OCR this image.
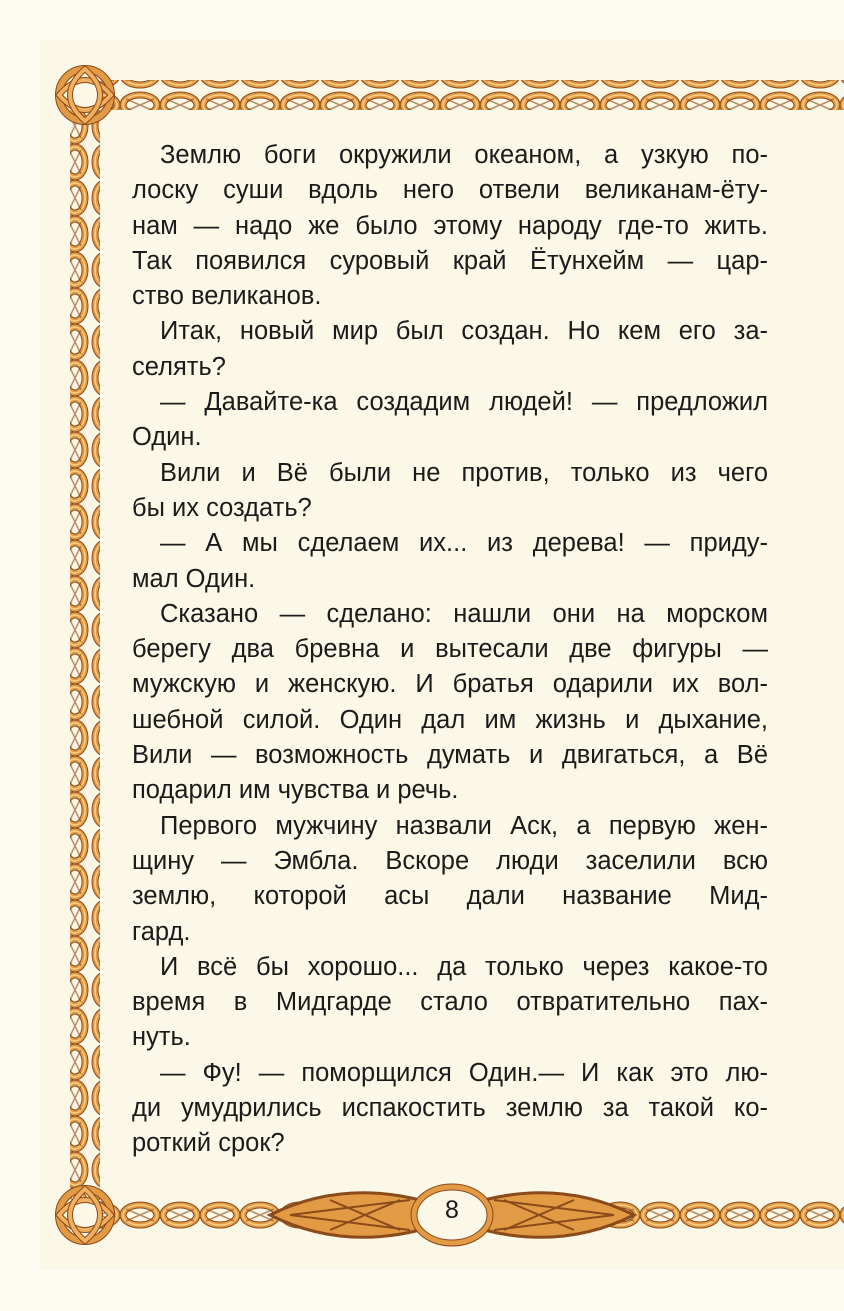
Землю боги окружили океаном, а узкую по-
лоску суши вдоль него отвели великанам-ёту-
нам — надо же было этому народу где-то жить.
Так появился суровый край Ётунхейм — цар-
ство великанов.

Итак, новый мир был создан. Но кем его за-
селять?

— Давайте-ка создадим людей! — предложил
Один.

Вили и Вё были не против, только из чего
бы их создать?

— А мы сделаем их... из дерева! — приду-
мал Один.

Сказано — сделано: нашли они на морском
берегу два бревна и вытесали две фигуры —
мужскую и женскую. И братья одарили их вол-
шебной силой. Один дал им жизнь и дыхание,
Вили — возможность думать и двигаться, а Вё
подарил им чувства и речь.

Первого мужчину назвали Аск, а первую жен-
щину — Эмбла. Вскоре люди заселили всю
землю, которой асы дали название Мид-
гард.

И всё бы хорошо... да только через какое-то
время в Мидгарде стало отвратительно пах-
нуть.

— Фу! — поморщился Один.— И как это лю-
ди умудрились испакостить землю за такой ко-
роткий срок?

8
